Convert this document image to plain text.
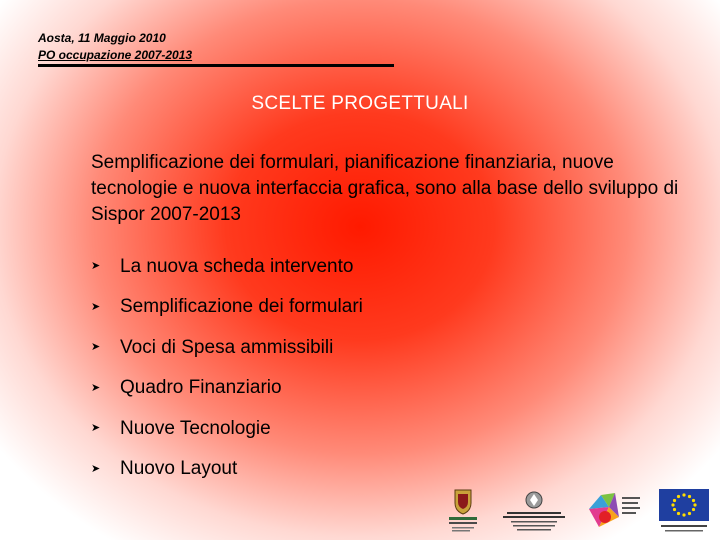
Aosta, 11 Maggio 2010
PO occupazione 2007-2013
SCELTE PROGETTUALI
Semplificazione dei formulari, pianificazione finanziaria, nuove tecnologie e nuova interfaccia grafica, sono alla base dello sviluppo di Sispor 2007-2013
➤	La nuova scheda intervento
➤	Semplificazione dei formulari
➤	Voci di Spesa ammissibili
➤	Quadro Finanziario
➤	Nuove Tecnologie
➤	Nuovo Layout
